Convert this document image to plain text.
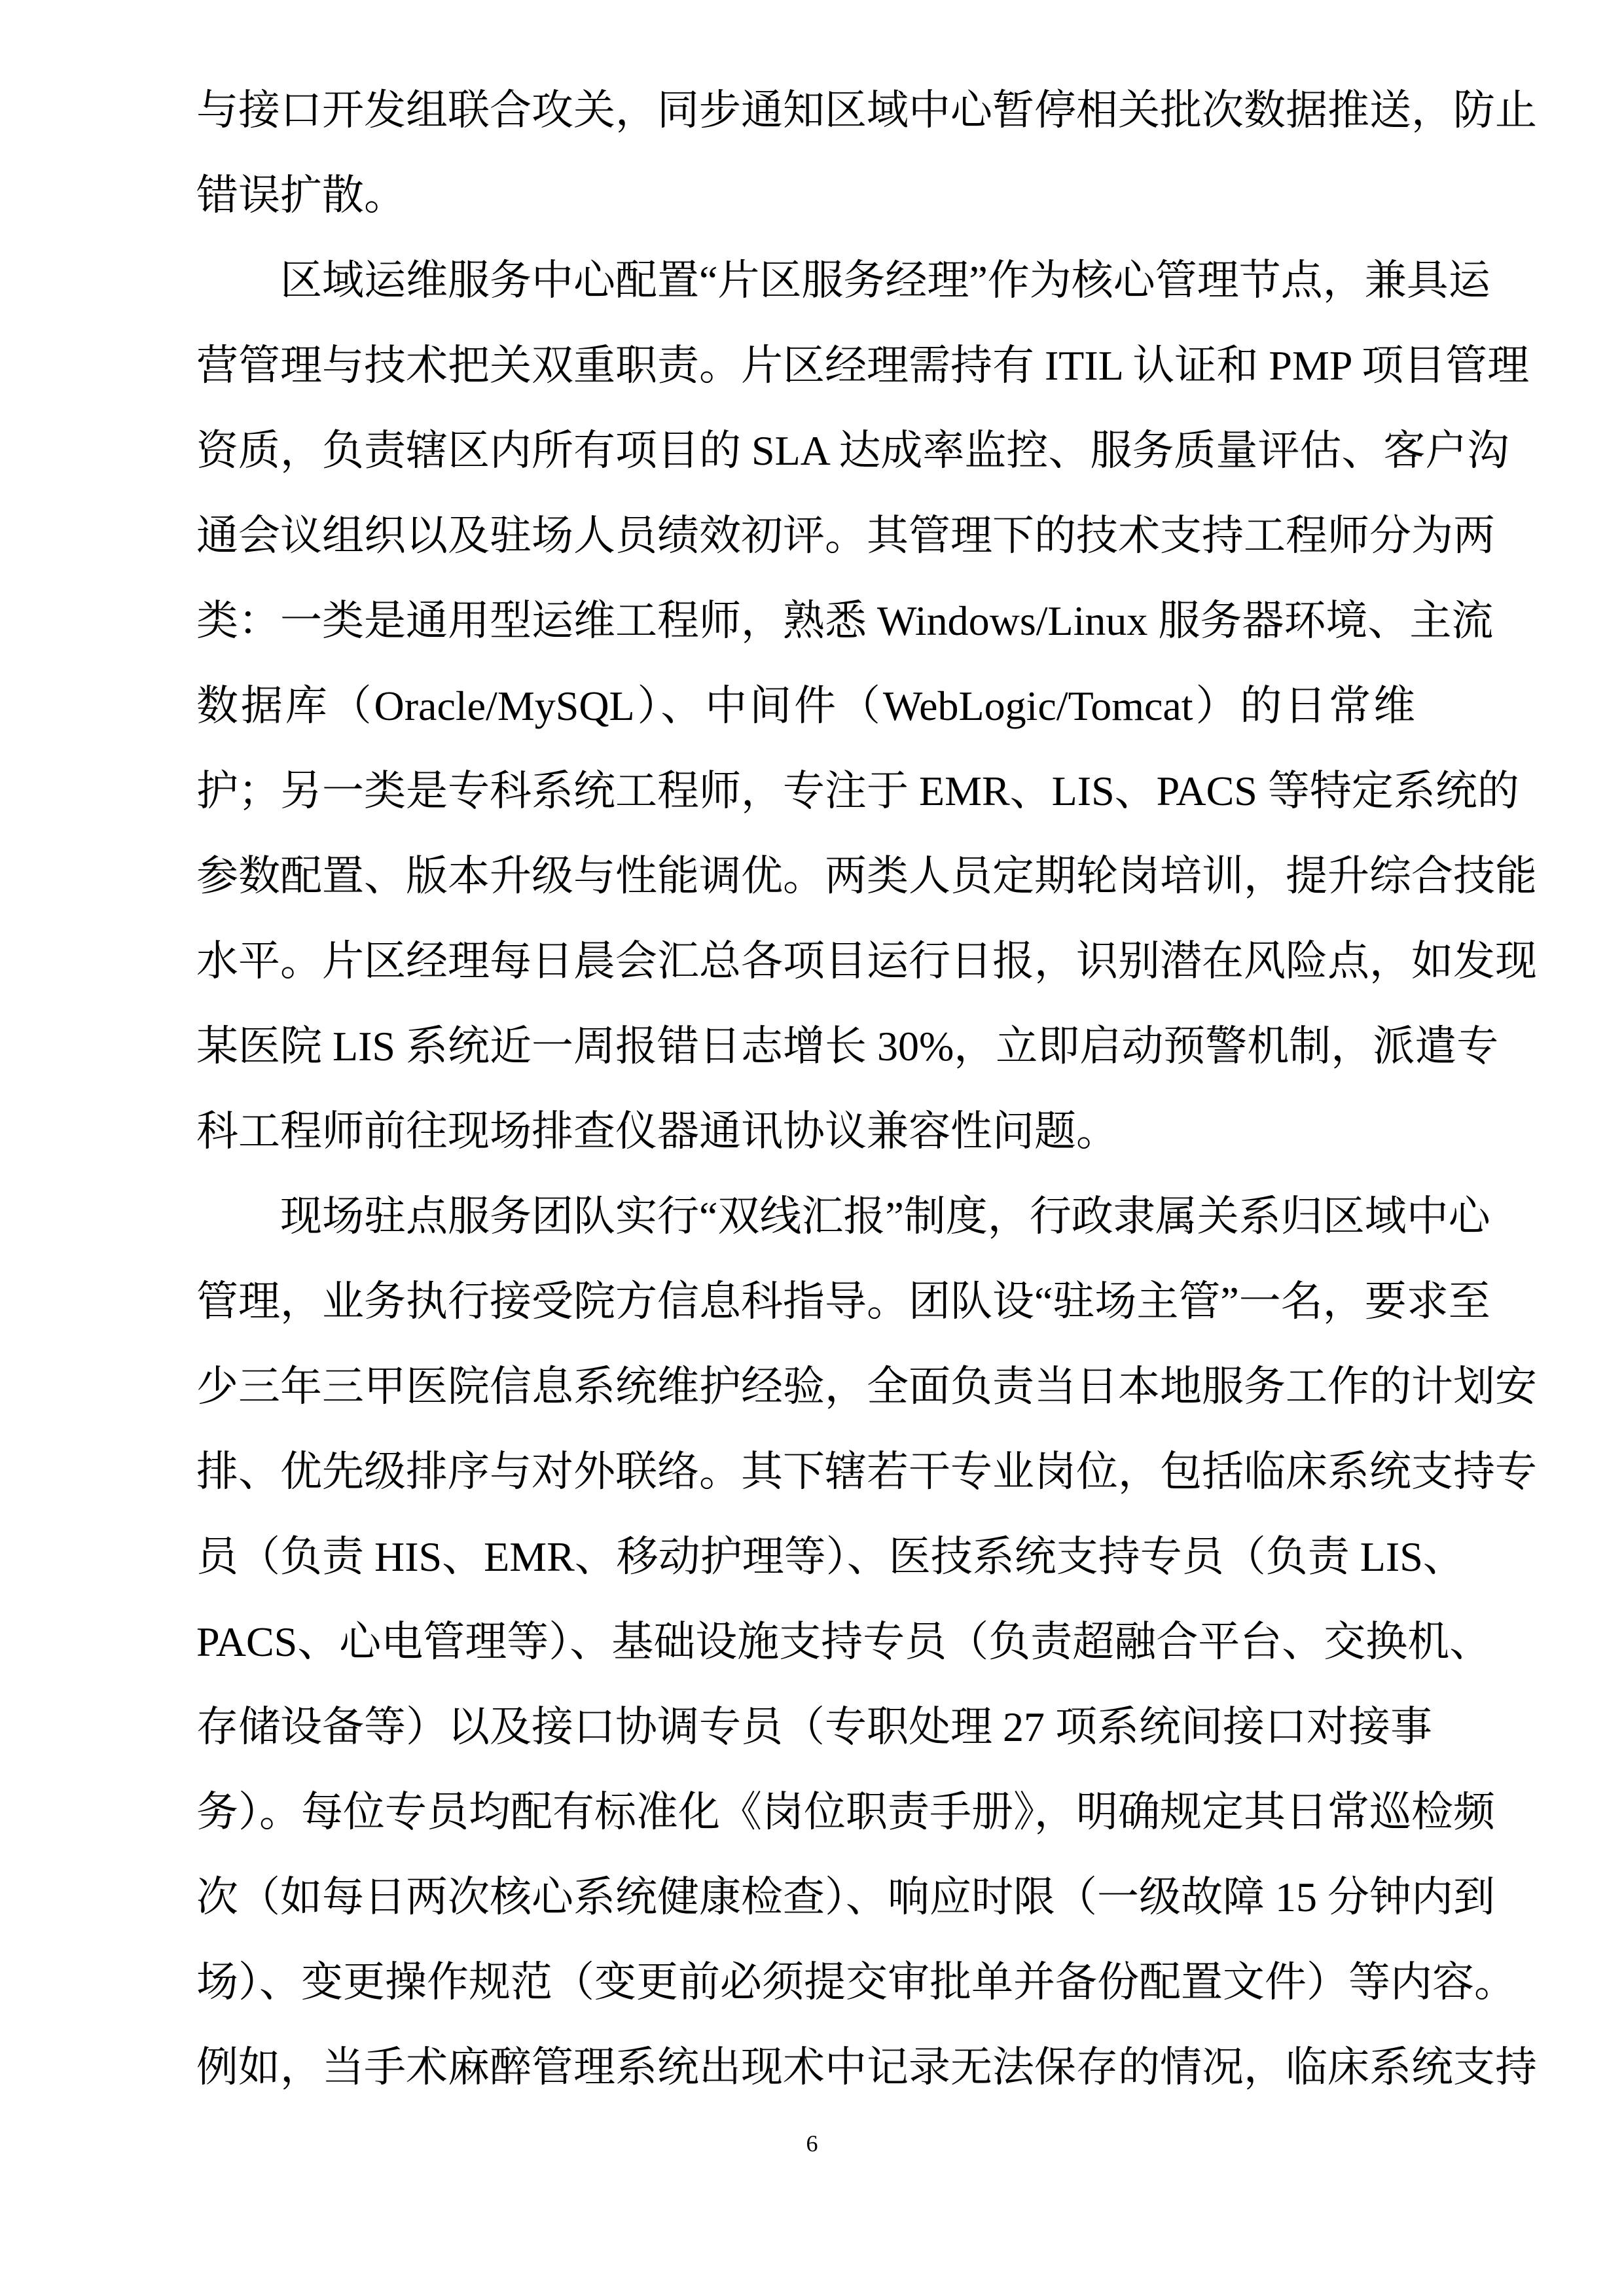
与接口开发组联合攻关，同步通知区域中心暂停相关批次数据推送，防止
错误扩散。
区域运维服务中心配置“片区服务经理”作为核心管理节点，兼具运
营管理与技术把关双重职责。片区经理需持有 ITIL 认证和 PMP 项目管理
资质，负责辖区内所有项目的 SLA 达成率监控、服务质量评估、客户沟
通会议组织以及驻场人员绩效初评。其管理下的技术支持工程师分为两
类：一类是通用型运维工程师，熟悉 Windows/Linux 服务器环境、主流
数据库（Oracle/MySQL）、中间件（WebLogic/Tomcat）的日常维
护；另一类是专科系统工程师，专注于 EMR、LIS、PACS 等特定系统的
参数配置、版本升级与性能调优。两类人员定期轮岗培训，提升综合技能
水平。片区经理每日晨会汇总各项目运行日报，识别潜在风险点，如发现
某医院 LIS 系统近一周报错日志增长 30%，立即启动预警机制，派遣专
科工程师前往现场排查仪器通讯协议兼容性问题。
现场驻点服务团队实行“双线汇报”制度，行政隶属关系归区域中心
管理，业务执行接受院方信息科指导。团队设“驻场主管”一名，要求至
少三年三甲医院信息系统维护经验，全面负责当日本地服务工作的计划安
排、优先级排序与对外联络。其下辖若干专业岗位，包括临床系统支持专
员（负责 HIS、EMR、移动护理等）、医技系统支持专员（负责 LIS、
PACS、心电管理等）、基础设施支持专员（负责超融合平台、交换机、
存储设备等）以及接口协调专员（专职处理 27 项系统间接口对接事
务）。每位专员均配有标准化《岗位职责手册》，明确规定其日常巡检频
次（如每日两次核心系统健康检查）、响应时限（一级故障 15 分钟内到
场）、变更操作规范（变更前必须提交审批单并备份配置文件）等内容。
例如，当手术麻醉管理系统出现术中记录无法保存的情况，临床系统支持
6
